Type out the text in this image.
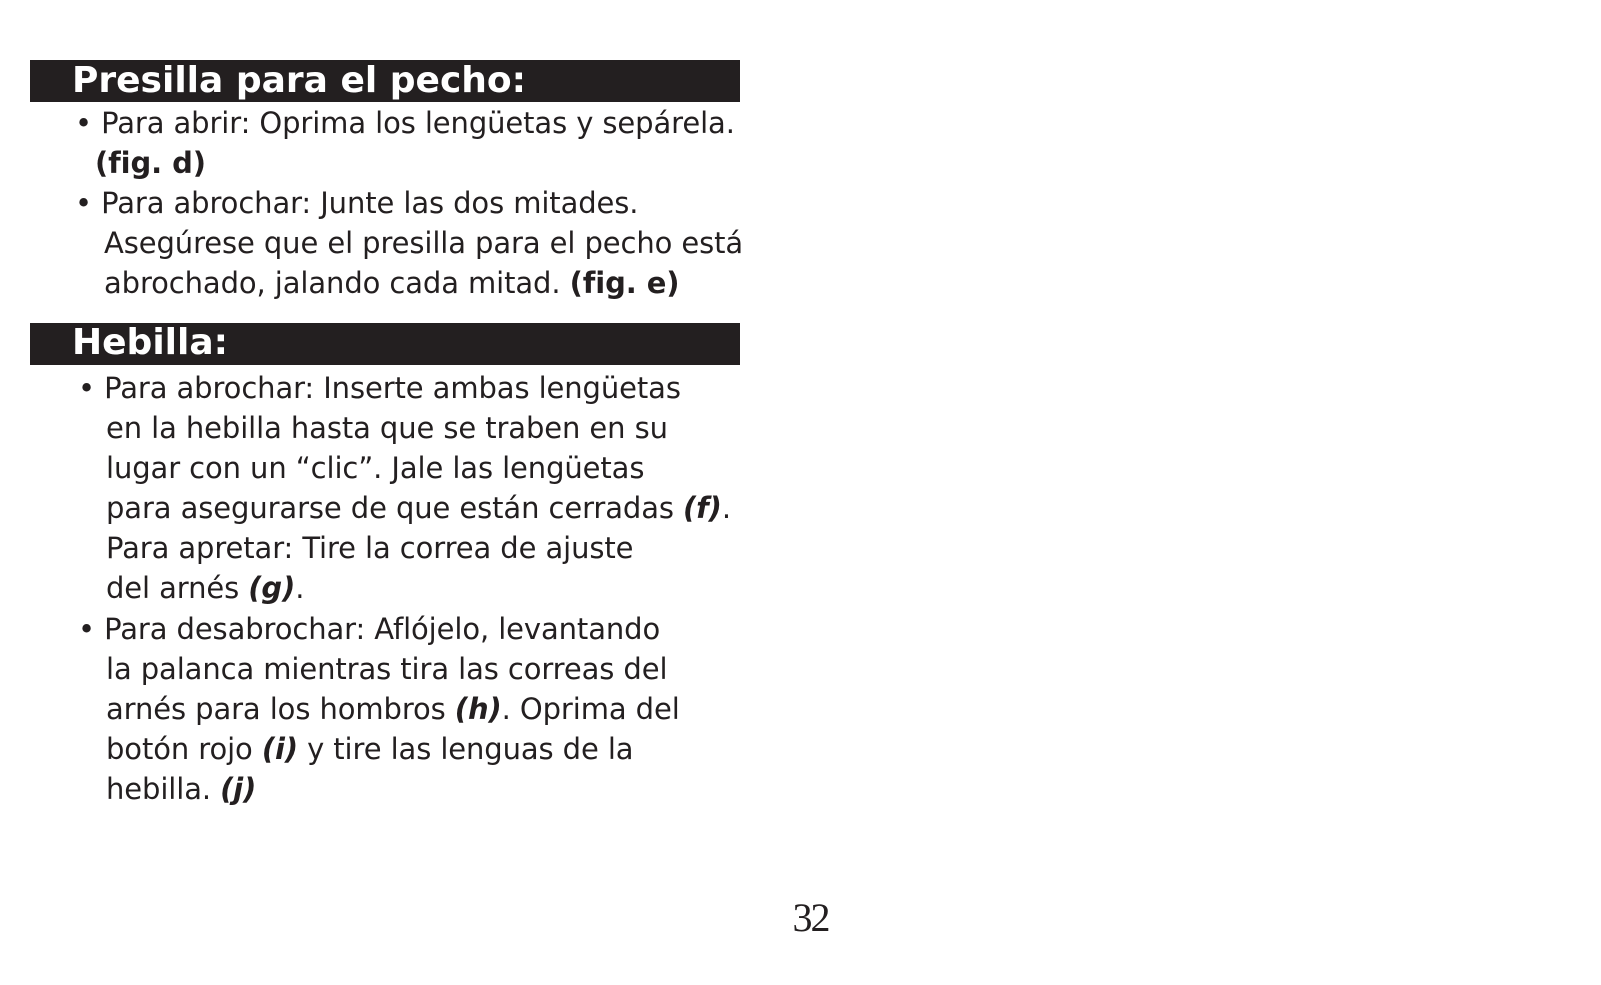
Presilla para el pecho:
• Para abrir: Oprima los lengüetas y sepárela.
(fig. d)
• Para abrochar: Junte las dos mitades.
Asegúrese que el presilla para el pecho está
abrochado, jalando cada mitad. (fig. e)
Hebilla:
• Para abrochar: Inserte ambas lengüetas
en la hebilla hasta que se traben en su
lugar con un “clic”. Jale las lengüetas
para asegurarse de que están cerradas (f).
Para apretar: Tire la correa de ajuste
del arnés (g).
• Para desabrochar: Aflójelo, levantando
la palanca mientras tira las correas del
arnés para los hombros (h). Oprima del
botón rojo (i) y tire las lenguas de la
hebilla. (j)
32
